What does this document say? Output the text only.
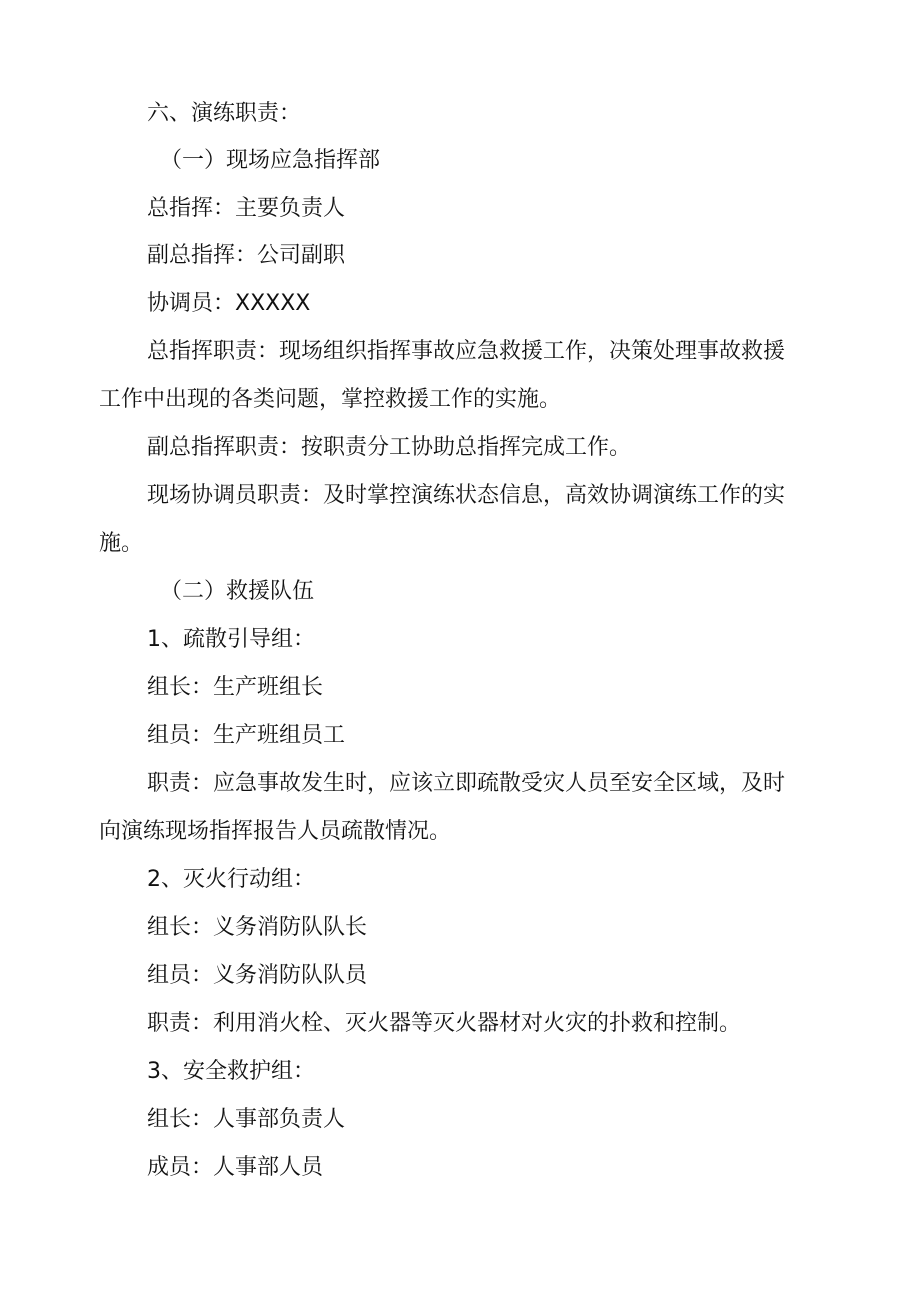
六、演练职责：
（一）现场应急指挥部
总指挥：主要负责人
副总指挥：公司副职
协调员：XXXXX
总指挥职责：现场组织指挥事故应急救援工作，决策处理事故救援
工作中出现的各类问题，掌控救援工作的实施。
副总指挥职责：按职责分工协助总指挥完成工作。
现场协调员职责：及时掌控演练状态信息，高效协调演练工作的实
施。
（二）救援队伍
1、疏散引导组：
组长：生产班组长
组员：生产班组员工
职责：应急事故发生时，应该立即疏散受灾人员至安全区域，及时
向演练现场指挥报告人员疏散情况。
2、灭火行动组：
组长：义务消防队队长
组员：义务消防队队员
职责：利用消火栓、灭火器等灭火器材对火灾的扑救和控制。
3、安全救护组：
组长：人事部负责人
成员：人事部人员
